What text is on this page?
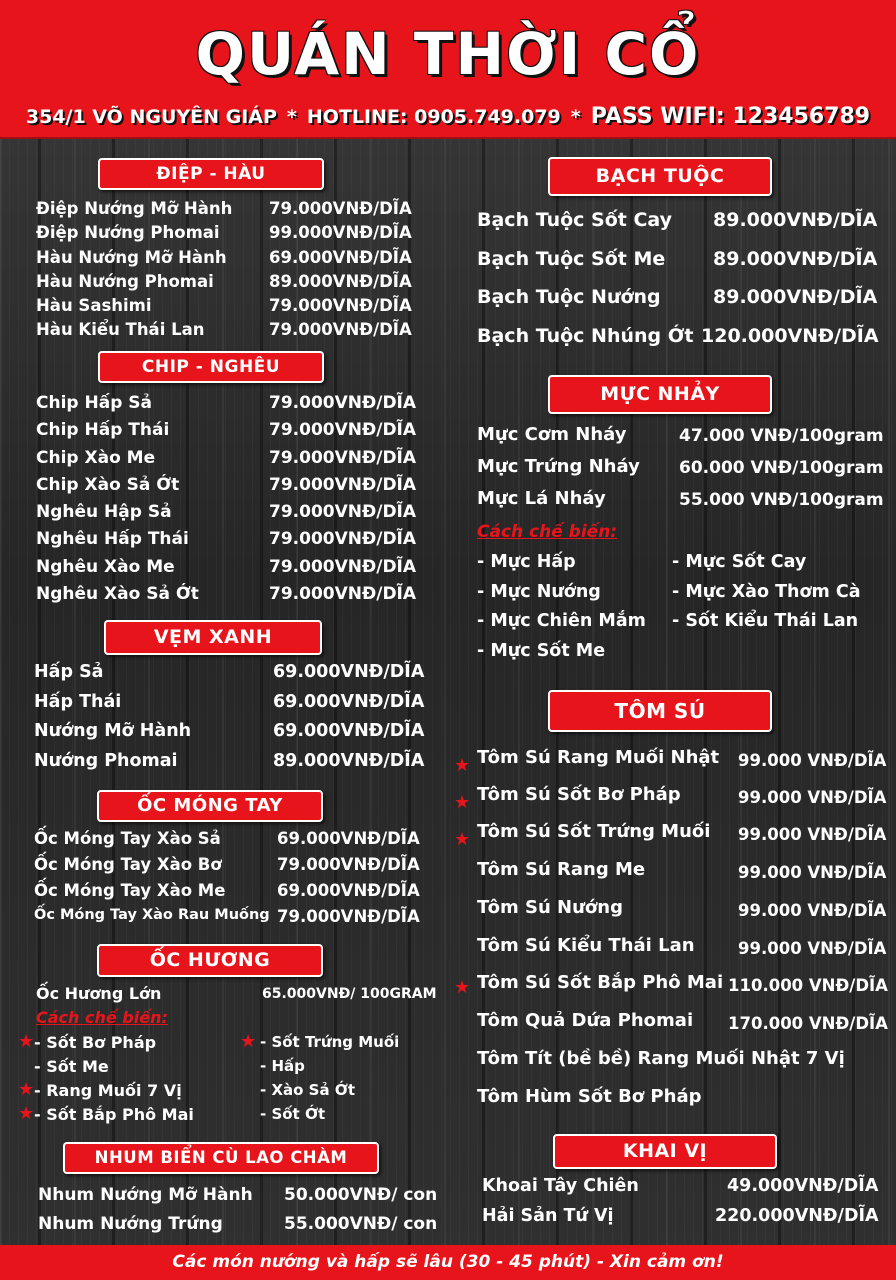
QUÁN THỜI CỔ
354/1 VÕ NGUYÊN GIÁP * HOTLINE: 0905.749.079 * PASS WIFI: 123456789
ĐIỆP - HÀU
Điệp Nướng Mỡ Hành 79.000VNĐ/DĨA
Điệp Nướng Phomai	99.000VNĐ/DĨA
Hàu Nướng Mỡ Hành	69.000VNĐ/DĨA
Hàu Nướng Phomai	89.000VNĐ/DĨA
Hàu Sashimi	79.000VNĐ/DĨA
Hàu Kiểu Thái Lan	79.000VNĐ/DĨA
CHIP - NGHÊU
Chip Hấp Sả	79.000VNĐ/DĨA
Chip Hấp Thái	79.000VNĐ/DĨA
Chip Xào Me	79.000VNĐ/DĨA
Chip Xào Sả Ớt	79.000VNĐ/DĨA
Nghêu Hập Sả	79.000VNĐ/DĨA
Nghêu Hấp Thái	79.000VNĐ/DĨA
Nghêu Xào Me	79.000VNĐ/DĨA
Nghêu Xào Sả Ớt	79.000VNĐ/DĨA
VẸM XANH
Hấp Sả	69.000VNĐ/DĨA
Hấp Thái	69.000VNĐ/DĨA
Nướng Mỡ Hành	69.000VNĐ/DĨA
Nướng Phomai	89.000VNĐ/DĨA
ỐC MÓNG TAY
Ốc Móng Tay Xào Sả	69.000VNĐ/DĨA
Ốc Móng Tay Xào Bơ	79.000VNĐ/DĨA
Ốc Móng Tay Xào Me	69.000VNĐ/DĨA
Ốc Móng Tay Xào Rau Muống 79.000VNĐ/DĨA
ỐC HƯƠNG
Ốc Hương Lớn	65.000VNĐ/ 100GRAM
Cách chế biến:
★
★
★
★
- Sốt Bơ Pháp
- Sốt Me
- Rang Muối 7 Vị
- Sốt Bắp Phô Mai
- Sốt Trứng Muối
- Hấp
- Xào Sả Ớt
- Sốt Ớt
NHUM BIỂN CÙ LAO CHÀM
Nhum Nướng Mỡ Hành 50.000VNĐ/ con
Nhum Nướng Trứng	55.000VNĐ/ con
BẠCH TUỘC
Bạch Tuộc Sốt Cay 89.000VNĐ/DĨA
Bạch Tuộc Sốt Me	89.000VNĐ/DĨA
Bạch Tuộc Nướng	89.000VNĐ/DĨA
Bạch Tuộc Nhúng Ớt 120.000VNĐ/DĨA
MỰC NHẢY
Mực Cơm Nháy	47.000 VNĐ/100gram
Mực Trứng Nháy 60.000 VNĐ/100gram
Mực Lá Nháy	55.000 VNĐ/100gram
Cách chế biến:
- Mực Hấp
- Mực Nướng
- Mực Chiên Mắm
- Mực Sốt Me
- Mực Sốt Cay
- Mực Xào Thơm Cà
- Sốt Kiểu Thái Lan
TÔM SÚ
★
★
★
★
Tôm Sú Rang Muối Nhật 99.000 VNĐ/DĨA
Tôm Sú Sốt Bơ Pháp	99.000 VNĐ/DĨA
Tôm Sú Sốt Trứng Muối 99.000 VNĐ/DĨA
Tôm Sú Rang Me	99.000 VNĐ/DĨA
Tôm Sú Nướng	99.000 VNĐ/DĨA
Tôm Sú Kiểu Thái Lan	99.000 VNĐ/DĨA
Tôm Sú Sốt Bắp Phô Mai 110.000 VNĐ/DĨA
Tôm Quả Dứa Phomai 170.000 VNĐ/DĨA
Tôm Tít (bề bề) Rang Muối Nhật 7 Vị
Tôm Hùm Sốt Bơ Pháp
KHAI VỊ
Khoai Tây Chiên	49.000VNĐ/DĨA
Hải Sản Tứ Vị	220.000VNĐ/DĨA
Các món nướng và hấp sẽ lâu (30 - 45 phút) - Xin cảm ơn!
